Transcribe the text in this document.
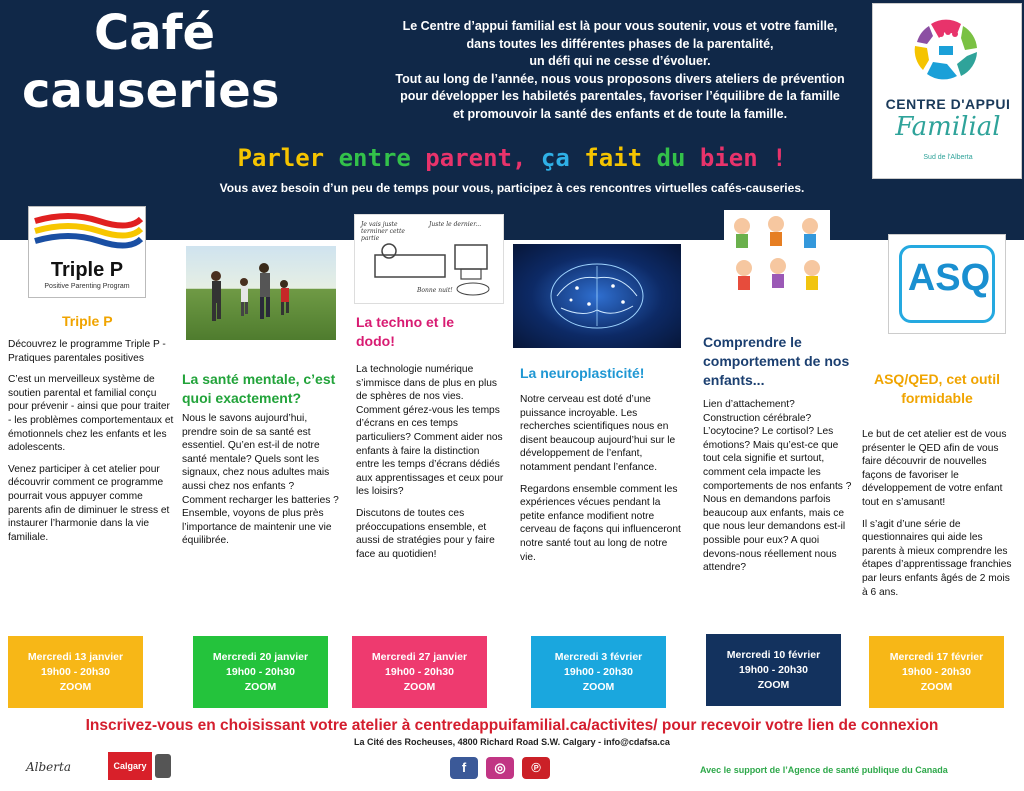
Café
causeries
Le Centre d’appui familial est là pour vous soutenir, vous et votre famille,
dans toutes les différentes phases de la parentalité,
un défi qui ne cesse d’évoluer.
Tout au long de l’année, nous vous proposons divers ateliers de prévention
pour développer les habiletés parentales, favoriser l’équilibre de la famille
et promouvoir la santé des enfants et de toute la famille.
CENTRE D'APPUI
Familial
Sud de l'Alberta
Parler entre parent, ça fait du bien !
Vous avez besoin d’un peu de temps pour vous, participez à ces rencontres virtuelles cafés-causeries.
Triple P
Positive Parenting Program
Triple P

Découvrez le programme Triple P - Pratiques parentales positives

C’est un merveilleux système de soutien parental et familial conçu pour prévenir - ainsi que pour traiter - les problèmes comportementaux et émotionnels chez les enfants et les adolescents.

Venez participer à cet atelier pour découvrir comment ce programme pourrait vous appuyer comme parents afin de diminuer le stress et instaurer l’harmonie dans la vie familiale.

Mercredi 13 janvier
19h00 - 20h30
ZOOM
La santé mentale, c’est quoi exactement?

Nous le savons aujourd’hui, prendre soin de sa santé est essentiel. Qu’en est-il de notre santé mentale? Quels sont les signaux, chez nous adultes mais aussi chez nos enfants ? Comment recharger les batteries ? Ensemble, voyons de plus près l’importance de maintenir une vie équilibrée.

Mercredi 20 janvier
19h00 - 20h30
ZOOM
Je vais juste terminer cette partie
Juste le dernier...
Bonne nuit!
La techno et le dodo!

La technologie numérique s’immisce dans de plus en plus de sphères de nos vies. Comment gérez-vous les temps d’écrans en ces temps particuliers? Comment aider nos enfants à faire la distinction entre les temps d’écrans dédiés aux apprentissages et ceux pour les loisirs?

Discutons de toutes ces préoccupations ensemble, et aussi de stratégies pour y faire face au quotidien!

Mercredi 27 janvier
19h00 - 20h30
ZOOM
La neuroplasticité!

Notre cerveau est doté d’une puissance incroyable. Les recherches scientifiques nous en disent beaucoup aujourd’hui sur le développement de l’enfant, notamment pendant l’enfance.

Regardons ensemble comment les expériences vécues pendant la petite enfance modifient notre cerveau de façons qui influenceront notre santé tout au long de notre vie.

Mercredi 3 février
19h00 - 20h30
ZOOM
Comprendre le comportement de nos enfants...

Lien d’attachement? Construction cérébrale? L’ocytocine? Le cortisol? Les émotions? Mais qu’est-ce que tout cela signifie et surtout, comment cela impacte les comportements de nos enfants ? Nous en demandons parfois beaucoup aux enfants, mais ce que nous leur demandons est-il possible pour eux? A quoi devons-nous réellement nous attendre?

Mercredi 10 février
19h00 - 20h30
ZOOM
ASQ
ASQ/QED, cet outil formidable

Le but de cet atelier est de vous présenter le QED afin de vous faire découvrir de nouvelles façons de favoriser le développement de votre enfant tout en s’amusant!

Il s’agit d’une série de questionnaires qui aide les parents à mieux comprendre les étapes d’apprentissage franchies par leurs enfants âgés de 2 mois à 6 ans.

Mercredi 17 février
19h00 - 20h30
ZOOM
Inscrivez-vous en choisissant votre atelier à centredappuifamilial.ca/activites/ pour recevoir votre lien de connexion
La Cité des Rocheuses, 4800 Richard Road S.W. Calgary - info@cdafsa.ca
Alberta	Calgary	f	◎	℗	Avec le support de l’Agence de santé publique du Canada
